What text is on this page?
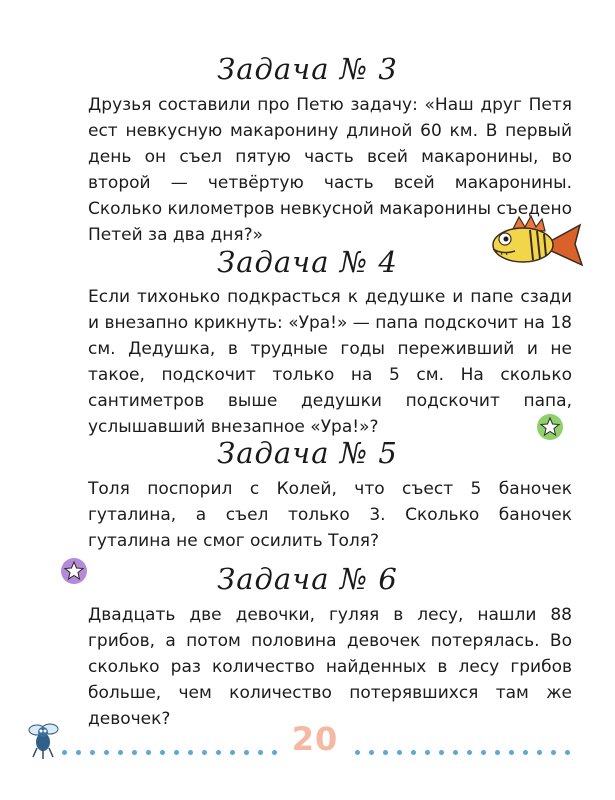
Задача № 3

Друзья составили про Петю задачу: «Наш друг Петя ест невкусную макаронину длиной 60 км. В первый день он съел пятую часть всей макаронины, во второй — четвёртую часть всей макаронины. Сколько километров невкусной макаронины съедено Петей за два дня?»

Задача № 4

Если тихонько подкрасться к дедушке и папе сзади и внезапно крикнуть: «Ура!» — папа подскочит на 18 см. Дедушка, в трудные годы переживший и не такое, подскочит только на 5 см. На сколько сантиметров выше дедушки подскочит папа, услышавший внезапное «Ура!»?

Задача № 5

Толя поспорил с Колей, что съест 5 баночек гуталина, а съел только 3. Сколько баночек гуталина не смог осилить Толя?

Задача № 6

Двадцать две девочки, гуляя в лесу, нашли 88 грибов, а потом половина девочек потерялась. Во сколько раз количество найденных в лесу грибов больше, чем количество потерявшихся там же девочек?

20
